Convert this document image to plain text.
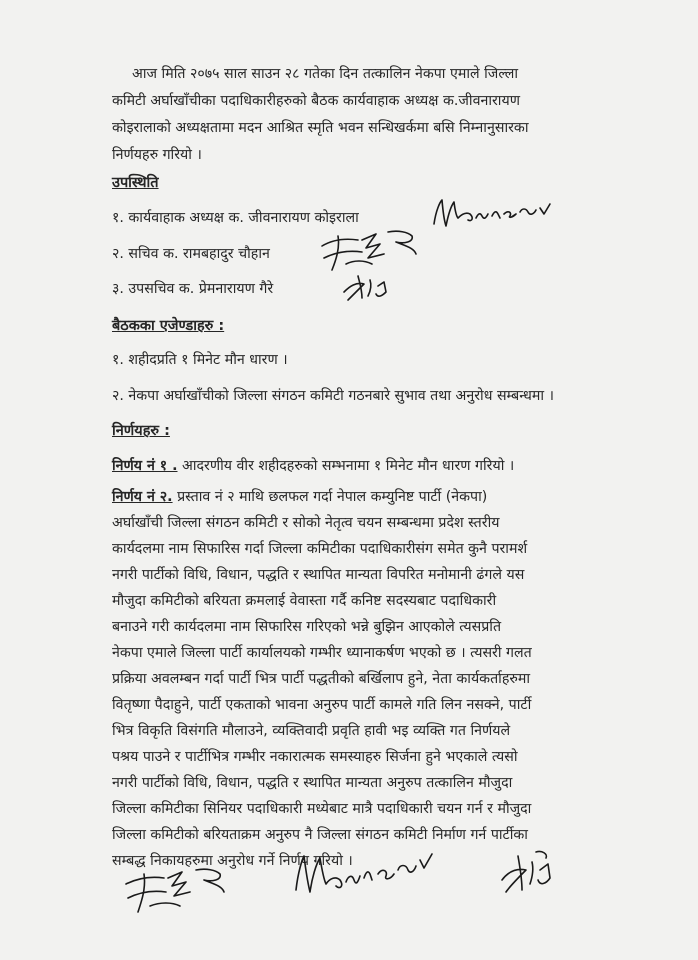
आज मिति २०७५ साल साउन २८ गतेका दिन तत्कालिन नेकपा एमाले जिल्ला
कमिटी अर्घाखाँचीका पदाधिकारीहरुको बैठक कार्यवाहाक अध्यक्ष क.जीवनारायण
कोइरालाको अध्यक्षतामा मदन आश्रित स्मृति भवन सन्धिखर्कमा बसि निम्नानुसारका
निर्णयहरु गरियो ।
उपस्थिति
१. कार्यवाहाक अध्यक्ष क. जीवनारायण कोइराला
२. सचिव क. रामबहादुर चौहान
३. उपसचिव क. प्रेमनारायण गैरे
बैठकका एजेण्डाहरु :
१. शहीदप्रति १ मिनेट मौन धारण ।
२. नेकपा अर्घाखाँचीको जिल्ला संगठन कमिटी गठनबारे सुभाव तथा अनुरोध सम्बन्धमा ।
निर्णयहरु :
निर्णय नं १ . आदरणीय वीर शहीदहरुको सम्भनामा १ मिनेट मौन धारण गरियो ।
निर्णय नं २. प्रस्ताव नं २ माथि छलफल गर्दा नेपाल कम्युनिष्ट पार्टी (नेकपा)
अर्घाखाँची जिल्ला संगठन कमिटी र सोको नेतृत्व चयन सम्बन्धमा प्रदेश स्तरीय
कार्यदलमा नाम सिफारिस गर्दा जिल्ला कमिटीका पदाधिकारीसंग समेत कुनै परामर्श
नगरी पार्टीको विधि, विधान, पद्धति र स्थापित मान्यता विपरित मनोमानी ढंगले यस
मौजुदा कमिटीको बरियता क्रमलाई वेवास्ता गर्दै कनिष्ट सदस्यबाट पदाधिकारी
बनाउने गरी कार्यदलमा नाम सिफारिस गरिएको भन्ने बुझिन आएकोले त्यसप्रति
नेकपा एमाले जिल्ला पार्टी कार्यालयको गम्भीर ध्यानाकर्षण भएको छ । त्यसरी गलत
प्रक्रिया अवलम्बन गर्दा पार्टी भित्र पार्टी पद्धतीको बर्खिलाप हुने, नेता कार्यकर्ताहरुमा
वितृष्णा पैदाहुने, पार्टी एकताको भावना अनुरुप पार्टी कामले गति लिन नसक्ने, पार्टी
भित्र विकृति विसंगति मौलाउने, व्यक्तिवादी प्रवृति हावी भइ व्यक्ति गत निर्णयले
पश्रय पाउने र पार्टीभित्र गम्भीर नकारात्मक समस्याहरु सिर्जना हुने भएकाले त्यसो
नगरी पार्टीको विधि, विधान, पद्धति र स्थापित मान्यता अनुरुप तत्कालिन मौजुदा
जिल्ला कमिटीका सिनियर पदाधिकारी मध्येबाट मात्रै पदाधिकारी चयन गर्न र मौजुदा
जिल्ला कमिटीको बरियताक्रम अनुरुप नै जिल्ला संगठन कमिटी निर्माण गर्न पार्टीका
सम्बद्ध निकायहरुमा अनुरोध गर्ने निर्णय गरियो ।
